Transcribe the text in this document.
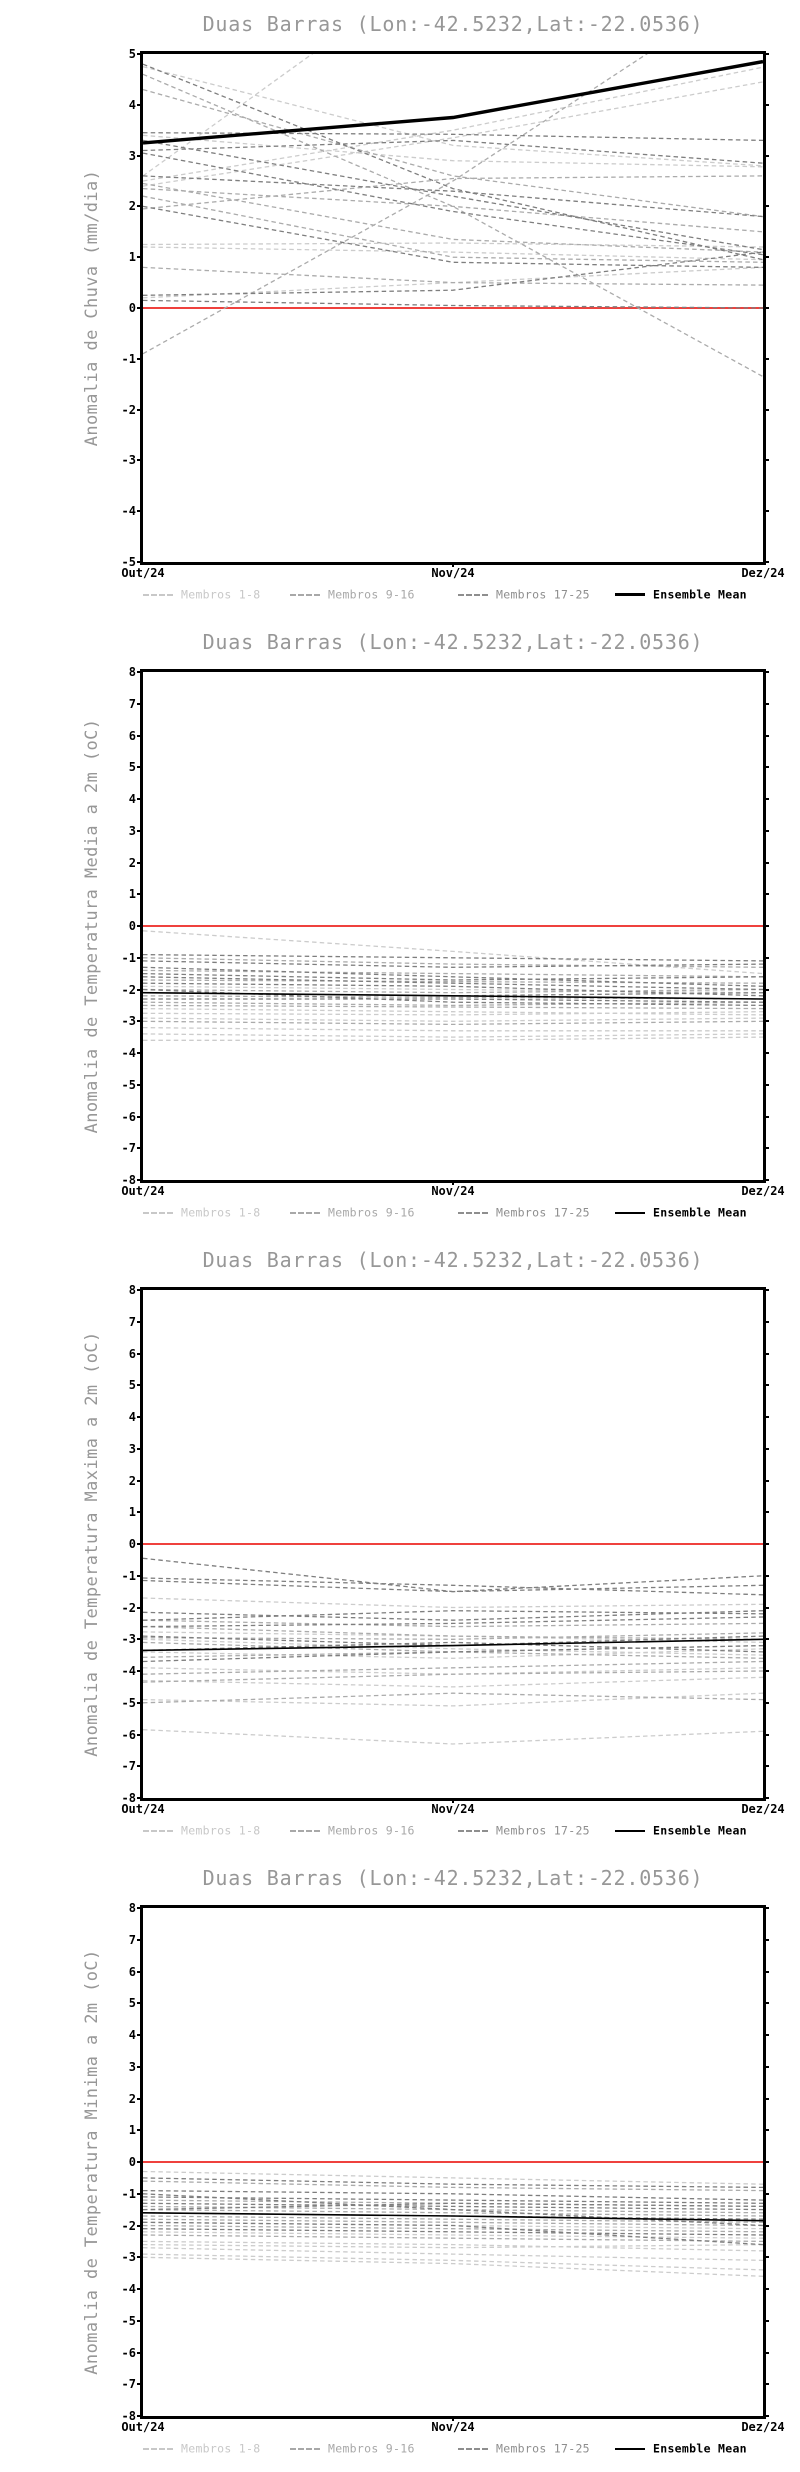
Duas Barras (Lon:-42.5232,Lat:-22.0536)
Anomalia de Chuva (mm/dia)
5
4
3
2
1
0
-1
-2
-3
-4
-5
Out/24	Nov/24	Dez/24
Membros 1-8	Membros 9-16	Membros 17-25	Ensemble Mean
Duas Barras (Lon:-42.5232,Lat:-22.0536)
Anomalia de Temperatura Media a 2m (oC)
8
7
6
5
4
3
2
1
0
-1
-2
-3
-4
-5
-6
-7
-8
Out/24	Nov/24	Dez/24
Membros 1-8	Membros 9-16	Membros 17-25	Ensemble Mean
Duas Barras (Lon:-42.5232,Lat:-22.0536)
Anomalia de Temperatura Maxima a 2m (oC)
8
7
6
5
4
3
2
1
0
-1
-2
-3
-4
-5
-6
-7
-8
Out/24	Nov/24	Dez/24
Membros 1-8	Membros 9-16	Membros 17-25	Ensemble Mean
Duas Barras (Lon:-42.5232,Lat:-22.0536)
Anomalia de Temperatura Minima a 2m (oC)
8
7
6
5
4
3
2
1
0
-1
-2
-3
-4
-5
-6
-7
-8
Out/24	Nov/24	Dez/24
Membros 1-8	Membros 9-16	Membros 17-25	Ensemble Mean
